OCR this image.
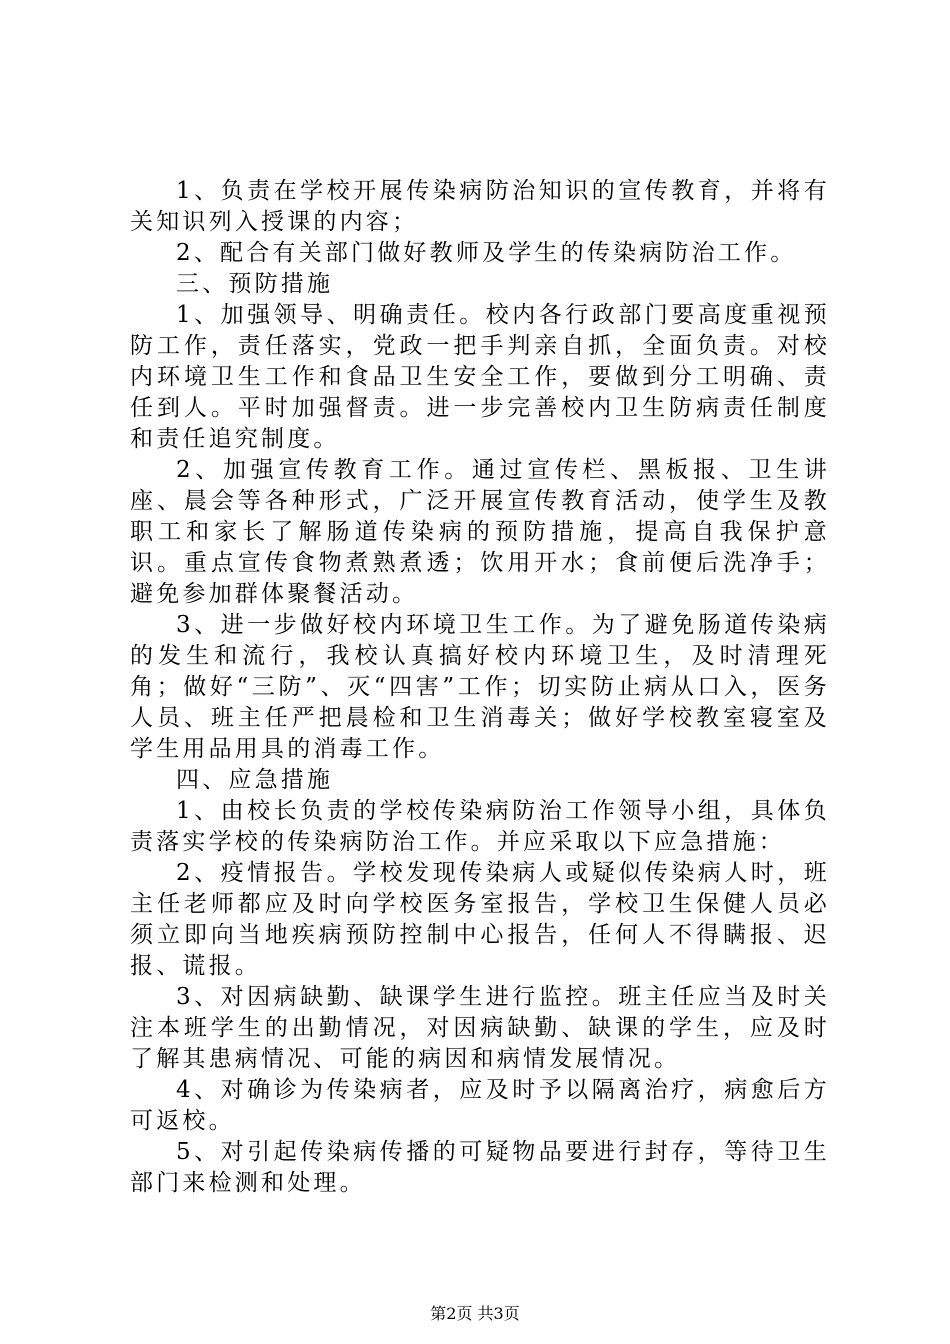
1、负责在学校开展传染病防治知识的宣传教育，并将有关知识列入授课的内容；

2、配合有关部门做好教师及学生的传染病防治工作。

三、预防措施

1、加强领导、明确责任。校内各行政部门要高度重视预防工作，责任落实，党政一把手判亲自抓，全面负责。对校内环境卫生工作和食品卫生安全工作，要做到分工明确、责任到人。平时加强督责。进一步完善校内卫生防病责任制度和责任追究制度。

2、加强宣传教育工作。通过宣传栏、黑板报、卫生讲座、晨会等各种形式，广泛开展宣传教育活动，使学生及教职工和家长了解肠道传染病的预防措施，提高自我保护意识。重点宣传食物煮熟煮透；饮用开水；食前便后洗净手；避免参加群体聚餐活动。

3、进一步做好校内环境卫生工作。为了避免肠道传染病的发生和流行，我校认真搞好校内环境卫生，及时清理死角；做好“三防”、灭“四害”工作；切实防止病从口入，医务人员、班主任严把晨检和卫生消毒关；做好学校教室寝室及学生用品用具的消毒工作。

四、应急措施

1、由校长负责的学校传染病防治工作领导小组，具体负责落实学校的传染病防治工作。并应采取以下应急措施：

2、疫情报告。学校发现传染病人或疑似传染病人时，班主任老师都应及时向学校医务室报告，学校卫生保健人员必须立即向当地疾病预防控制中心报告，任何人不得瞒报、迟报、谎报。

3、对因病缺勤、缺课学生进行监控。班主任应当及时关注本班学生的出勤情况，对因病缺勤、缺课的学生，应及时了解其患病情况、可能的病因和病情发展情况。

4、对确诊为传染病者，应及时予以隔离治疗，病愈后方可返校。

5、对引起传染病传播的可疑物品要进行封存，等待卫生部门来检测和处理。

第2页 共3页
